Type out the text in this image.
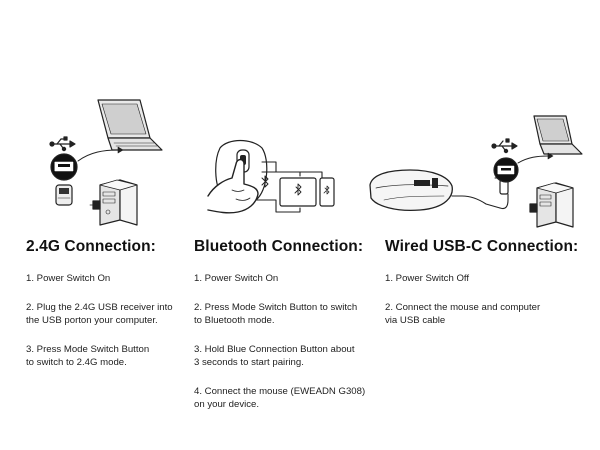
2.4G Connection:

1. Power Switch On

2. Plug the 2.4G USB receiver into
the USB porton your computer.

3. Press Mode Switch Button
to switch to 2.4G mode.

Bluetooth Connection:

1. Power Switch On

2. Press Mode Switch Button to switch
to Bluetooth mode.

3. Hold Blue Connection Button about
3 seconds to start pairing.

4. Connect the mouse (EWEADN G308)
on your device.

Wired USB-C Connection:

1. Power Switch Off

2. Connect the mouse and computer
via USB cable
